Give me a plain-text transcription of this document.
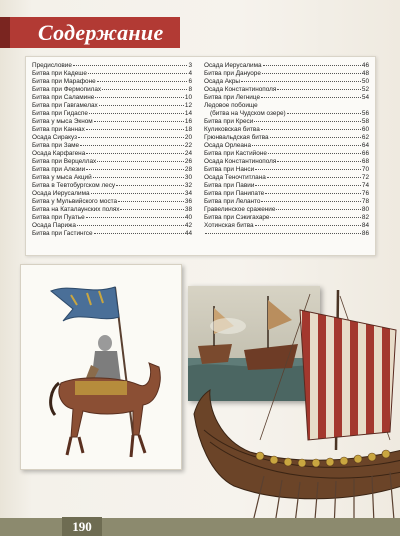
Содержание
Предисловие	3
Битва при Кадеше	4
Битва при Марафоне	6
Битва при Фермопилах	8
Битва при Саламине	10
Битва при Гавгамелах	12
Битва при Гидаспе	14
Битва у мыса Экном	16
Битва при Каннах	18
Осада Сиракуз	20
Битва при Заме	22
Осада Карфагена	24
Битва при Верцеллах	26
Битва при Алезии	28
Битва у мыса Акций	30
Битва в Тевтобургском лесу	32
Осада Иерусалима	34
Битва у Мульвийского моста	36
Битва на Каталаунских полях	38
Битва при Пуатье	40
Осада Парижа	42
Битва при Гастингсе	44
Осада Иерусалима	46
Битва при Дануоре	48
Осада Акры	50
Осада Константинополя	52
Битва при Легнице	54
Ледовое побоище
(битва на Чудском озере)	56
Битва при Креси	58
Куликовская битва	60
Грюнвальдская битва	62
Осада Орлеана	64
Битва при Кастийоне	66
Осада Константинополя	68
Битва при Нанси	70
Осада Теночтитлана	72
Битва при Павии	74
Битва при Панипате	76
Битва при Леланто	78
Гравелинское сражение	80
Битва при Сэкигахаре	82
Хотинская битва	84
86
190
